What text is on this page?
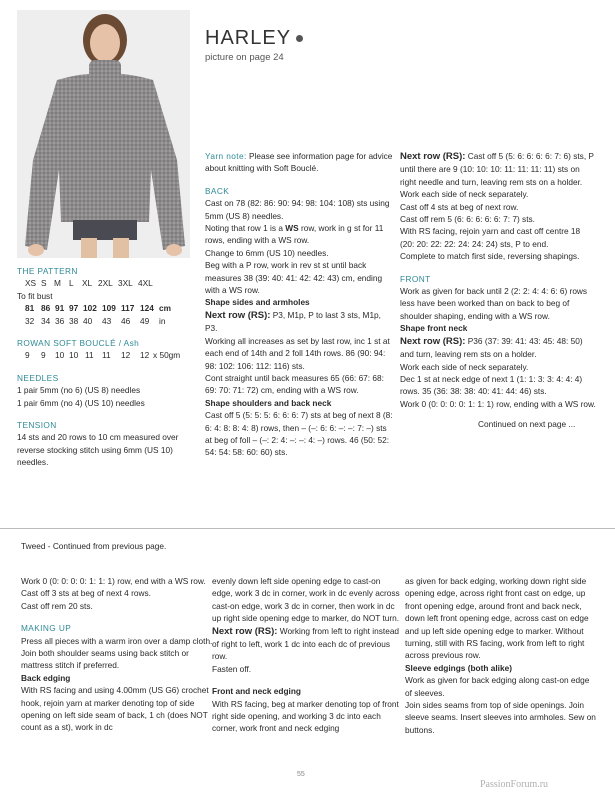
HARLEY
picture on page 24
THE PATTERN
XS S M L	XL 2XL 3XL 4XL
To fit bust
81 86 91 97 102 109 117 124 cm
32 34 36 38 40	43	46	49	in
ROWAN SOFT BOUCLÉ / Ash
9	9	10 10 11	11	12	12 x 50gm
NEEDLES
1 pair 5mm (no 6) (US 8) needles
1 pair 6mm (no 4) (US 10) needles
TENSION
14 sts and 20 rows to 10 cm measured over reverse stocking stitch using 6mm (US 10) needles.

Yarn note: Please see information page for advice about knitting with Soft Bouclé.

BACK

Cast on 78 (82: 86: 90: 94: 98: 104: 108) sts using 5mm (US 8) needles.

Noting that row 1 is a WS row, work in g st for 11 rows, ending with a WS row.

Change to 6mm (US 10) needles.

Beg with a P row, work in rev st st until back measures 38 (39: 40: 41: 42: 42: 43) cm, ending with a WS row.

Shape sides and armholes

Next row (RS): P3, M1p, P to last 3 sts, M1p, P3.

Working all increases as set by last row, inc 1 st at each end of 14th and 2 foll 14th rows. 86 (90: 94: 98: 102: 106: 112: 116) sts.

Cont straight until back measures 65 (66: 67: 68: 69: 70: 71: 72) cm, ending with a WS row.

Shape shoulders and back neck

Cast off 5 (5: 5: 5: 6: 6: 6: 7) sts at beg of next 8 (8: 6: 4: 8: 8: 4: 8) rows, then – (–: 6: 6: –: –: 7: –) sts at beg of foll – (–: 2: 4: –: –: 4: –) rows. 46 (50: 52: 54: 54: 58: 60: 60) sts.

Next row (RS): Cast off 5 (5: 6: 6: 6: 6: 7: 6) sts, P until there are 9 (10: 10: 10: 11: 11: 11: 11) sts on right needle and turn, leaving rem sts on a holder.

Work each side of neck separately.

Cast off 4 sts at beg of next row.

Cast off rem 5 (6: 6: 6: 6: 6: 7: 7) sts.

With RS facing, rejoin yarn and cast off centre 18 (20: 20: 22: 22: 24: 24: 24) sts, P to end.

Complete to match first side, reversing shapings.

FRONT

Work as given for back until 2 (2: 2: 4: 4: 6: 6) rows less have been worked than on back to beg of shoulder shaping, ending with a WS row.

Shape front neck

Next row (RS): P36 (37: 39: 41: 43: 45: 48: 50) and turn, leaving rem sts on a holder.

Work each side of neck separately.

Dec 1 st at neck edge of next 1 (1: 1: 3: 3: 4: 4: 4) rows. 35 (36: 38: 38: 40: 41: 44: 46) sts.

Work 0 (0: 0: 0: 0: 1: 1: 1) row, ending with a WS row.

Continued on next page ...
Tweed - Continued from previous page.

Work 0 (0: 0: 0: 0: 1: 1: 1) row, end with a WS row.

Cast off 3 sts at beg of next 4 rows.

Cast off rem 20 sts.

MAKING UP

Press all pieces with a warm iron over a damp cloth.

Join both shoulder seams using back stitch or mattress stitch if preferred.

Back edging

With RS facing and using 4.00mm (US G6) crochet hook, rejoin yarn at marker denoting top of side opening on left side seam of back, 1 ch (does NOT count as a st), work in dc

evenly down left side opening edge to cast-on edge, work 3 dc in corner, work in dc evenly across cast-on edge, work 3 dc in corner, then work in dc up right side opening edge to marker, do NOT turn.

Next row (RS): Working from left to right instead of right to left, work 1 dc into each dc of previous row.

Fasten off.

Front and neck edging

With RS facing, beg at marker denoting top of front right side opening, and working 3 dc into each corner, work front and neck edging

as given for back edging, working down right side opening edge, across right front cast on edge, up front opening edge, around front and back neck, down left front opening edge, across cast on edge and up left side opening edge to marker. Without turning, still with RS facing, work from left to right across previous row.

Sleeve edgings (both alike)

Work as given for back edging along cast-on edge of sleeves.

Join sides seams from top of side openings. Join sleeve seams. Insert sleeves into armholes. Sew on buttons.

55
PassionForum.ru
